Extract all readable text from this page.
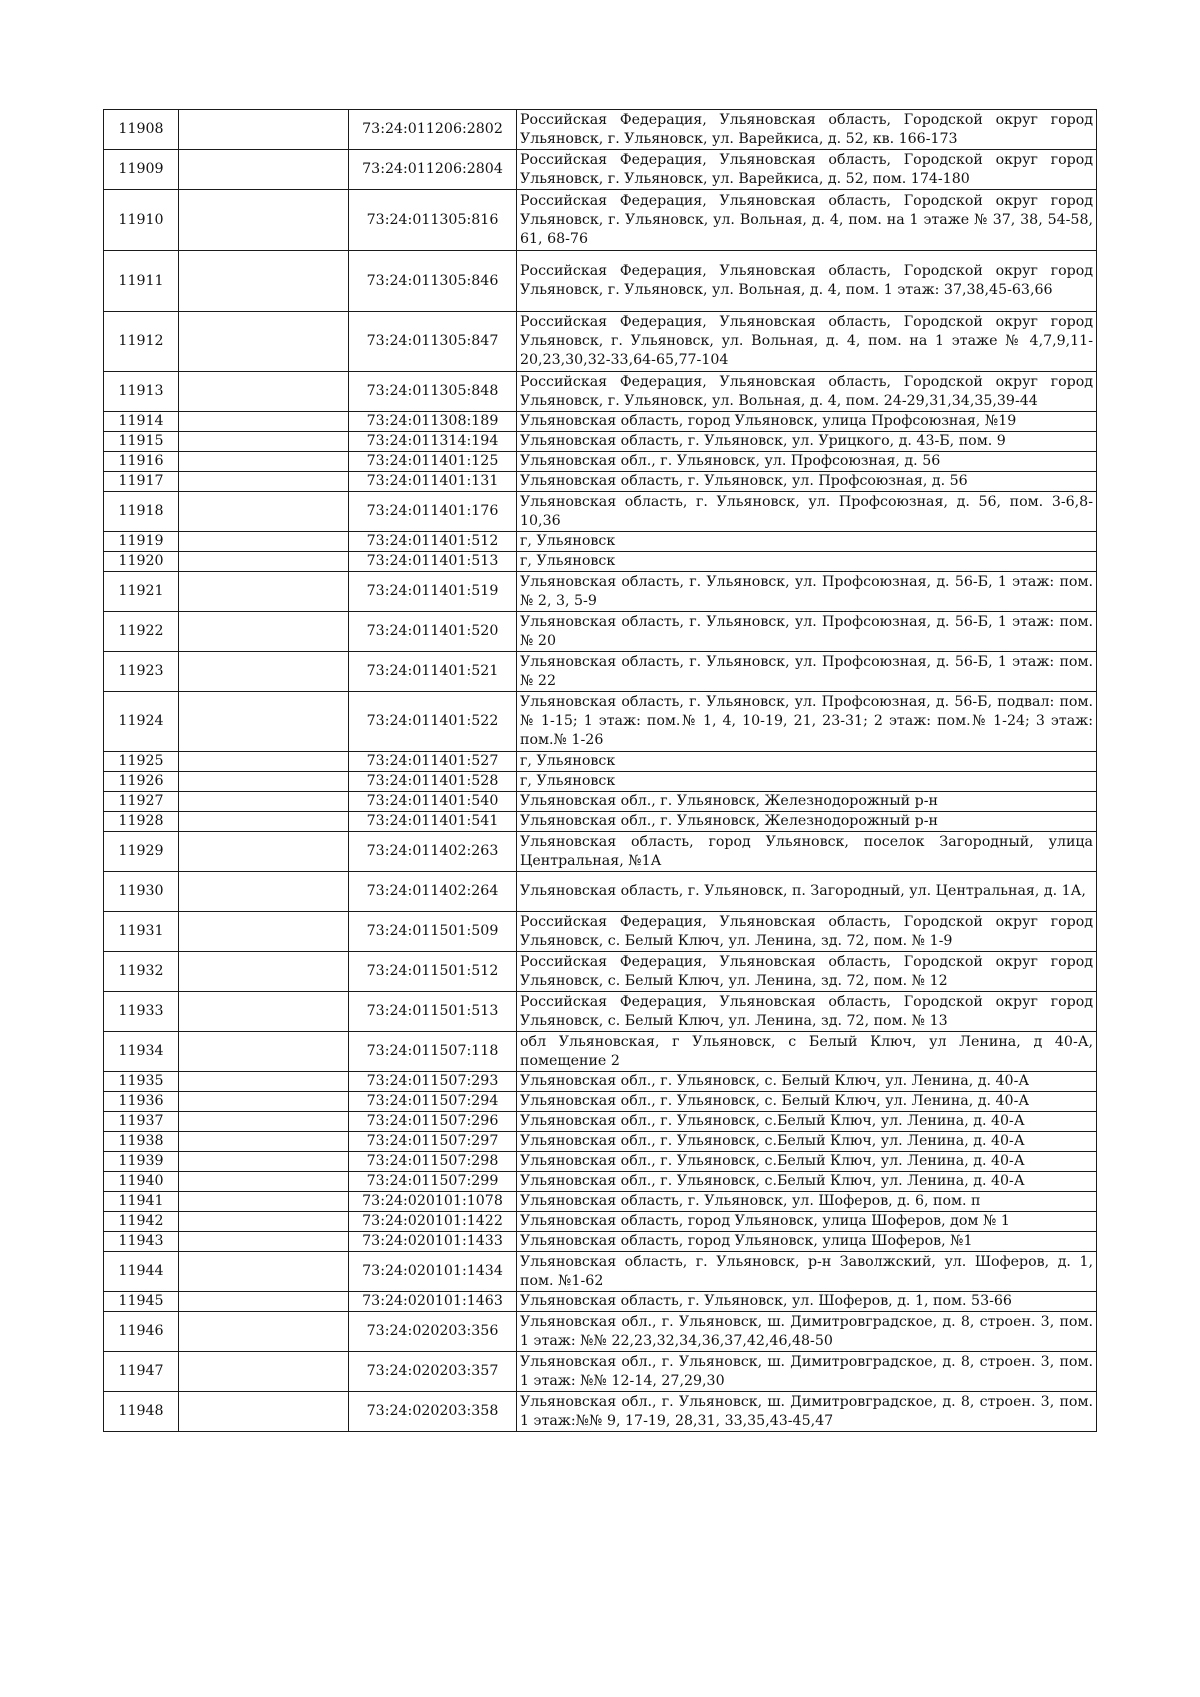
11908		73:24:011206:2802	Российская Федерация, Ульяновская область, Городской округ город Ульяновск, г. Ульяновск, ул. Варейкиса, д. 52, кв. 166-173
11909		73:24:011206:2804	Российская Федерация, Ульяновская область, Городской округ город Ульяновск, г. Ульяновск, ул. Варейкиса, д. 52, пом. 174-180
11910		73:24:011305:816	Российская Федерация, Ульяновская область, Городской округ город Ульяновск, г. Ульяновск, ул. Вольная, д. 4, пом. на 1 этаже № 37, 38, 54-58, 61, 68-76
11911		73:24:011305:846	Российская Федерация, Ульяновская область, Городской округ город Ульяновск, г. Ульяновск, ул. Вольная, д. 4, пом. 1 этаж: 37,38,45-63,66
11912		73:24:011305:847	Российская Федерация, Ульяновская область, Городской округ город Ульяновск, г. Ульяновск, ул. Вольная, д. 4, пом. на 1 этаже № 4,7,9,11-20,23,30,32-33,64-65,77-104
11913		73:24:011305:848	Российская Федерация, Ульяновская область, Городской округ город Ульяновск, г. Ульяновск, ул. Вольная, д. 4, пом. 24-29,31,34,35,39-44
11914		73:24:011308:189	Ульяновская область, город Ульяновск, улица Профсоюзная, №19
11915		73:24:011314:194	Ульяновская область, г. Ульяновск, ул. Урицкого, д. 43-Б, пом. 9
11916		73:24:011401:125	Ульяновская обл., г. Ульяновск, ул. Профсоюзная, д. 56
11917		73:24:011401:131	Ульяновская область, г. Ульяновск, ул. Профсоюзная, д. 56
11918		73:24:011401:176	Ульяновская область, г. Ульяновск, ул. Профсоюзная, д. 56, пом. 3-6,8-10,36
11919		73:24:011401:512	г, Ульяновск
11920		73:24:011401:513	г, Ульяновск
11921		73:24:011401:519	Ульяновская область, г. Ульяновск, ул. Профсоюзная, д. 56-Б, 1 этаж: пом.№ 2, 3, 5-9
11922		73:24:011401:520	Ульяновская область, г. Ульяновск, ул. Профсоюзная, д. 56-Б, 1 этаж: пом.№ 20
11923		73:24:011401:521	Ульяновская область, г. Ульяновск, ул. Профсоюзная, д. 56-Б, 1 этаж: пом.№ 22
11924		73:24:011401:522	Ульяновская область, г. Ульяновск, ул. Профсоюзная, д. 56-Б, подвал: пом.№ 1-15; 1 этаж: пом.№ 1, 4, 10-19, 21, 23-31; 2 этаж: пом.№ 1-24; 3 этаж: пом.№ 1-26
11925		73:24:011401:527	г, Ульяновск
11926		73:24:011401:528	г, Ульяновск
11927		73:24:011401:540	Ульяновская обл., г. Ульяновск, Железнодорожный р-н
11928		73:24:011401:541	Ульяновская обл., г. Ульяновск, Железнодорожный р-н
11929		73:24:011402:263	Ульяновская область, город Ульяновск, поселок Загородный, улица Центральная, №1А
11930		73:24:011402:264	Ульяновская область, г. Ульяновск, п. Загородный, ул. Центральная, д. 1А,
11931		73:24:011501:509	Российская Федерация, Ульяновская область, Городской округ город Ульяновск, с. Белый Ключ, ул. Ленина, зд. 72, пом. № 1-9
11932		73:24:011501:512	Российская Федерация, Ульяновская область, Городской округ город Ульяновск, с. Белый Ключ, ул. Ленина, зд. 72, пом. № 12
11933		73:24:011501:513	Российская Федерация, Ульяновская область, Городской округ город Ульяновск, с. Белый Ключ, ул. Ленина, зд. 72, пом. № 13
11934		73:24:011507:118	обл Ульяновская, г Ульяновск, с Белый Ключ, ул Ленина, д 40-А, помещение 2
11935		73:24:011507:293	Ульяновская обл., г. Ульяновск, с. Белый Ключ, ул. Ленина, д. 40-А
11936		73:24:011507:294	Ульяновская обл., г. Ульяновск, с. Белый Ключ, ул. Ленина, д. 40-А
11937		73:24:011507:296	Ульяновская обл., г. Ульяновск, с.Белый Ключ, ул. Ленина, д. 40-А
11938		73:24:011507:297	Ульяновская обл., г. Ульяновск, с.Белый Ключ, ул. Ленина, д. 40-А
11939		73:24:011507:298	Ульяновская обл., г. Ульяновск, с.Белый Ключ, ул. Ленина, д. 40-А
11940		73:24:011507:299	Ульяновская обл., г. Ульяновск, с.Белый Ключ, ул. Ленина, д. 40-А
11941		73:24:020101:1078	Ульяновская область, г. Ульяновск, ул. Шоферов, д. 6, пом. п
11942		73:24:020101:1422	Ульяновская область, город Ульяновск, улица Шоферов, дом № 1
11943		73:24:020101:1433	Ульяновская область, город Ульяновск, улица Шоферов, №1
11944		73:24:020101:1434	Ульяновская область, г. Ульяновск, р-н Заволжский, ул. Шоферов, д. 1, пом. №1-62
11945		73:24:020101:1463	Ульяновская область, г. Ульяновск, ул. Шоферов, д. 1, пом. 53-66
11946		73:24:020203:356	Ульяновская обл., г. Ульяновск, ш. Димитровградское, д. 8, строен. 3, пом. 1 этаж: №№ 22,23,32,34,36,37,42,46,48-50
11947		73:24:020203:357	Ульяновская обл., г. Ульяновск, ш. Димитровградское, д. 8, строен. 3, пом. 1 этаж: №№ 12-14, 27,29,30
11948		73:24:020203:358	Ульяновская обл., г. Ульяновск, ш. Димитровградское, д. 8, строен. 3, пом. 1 этаж:№№ 9, 17-19, 28,31, 33,35,43-45,47
